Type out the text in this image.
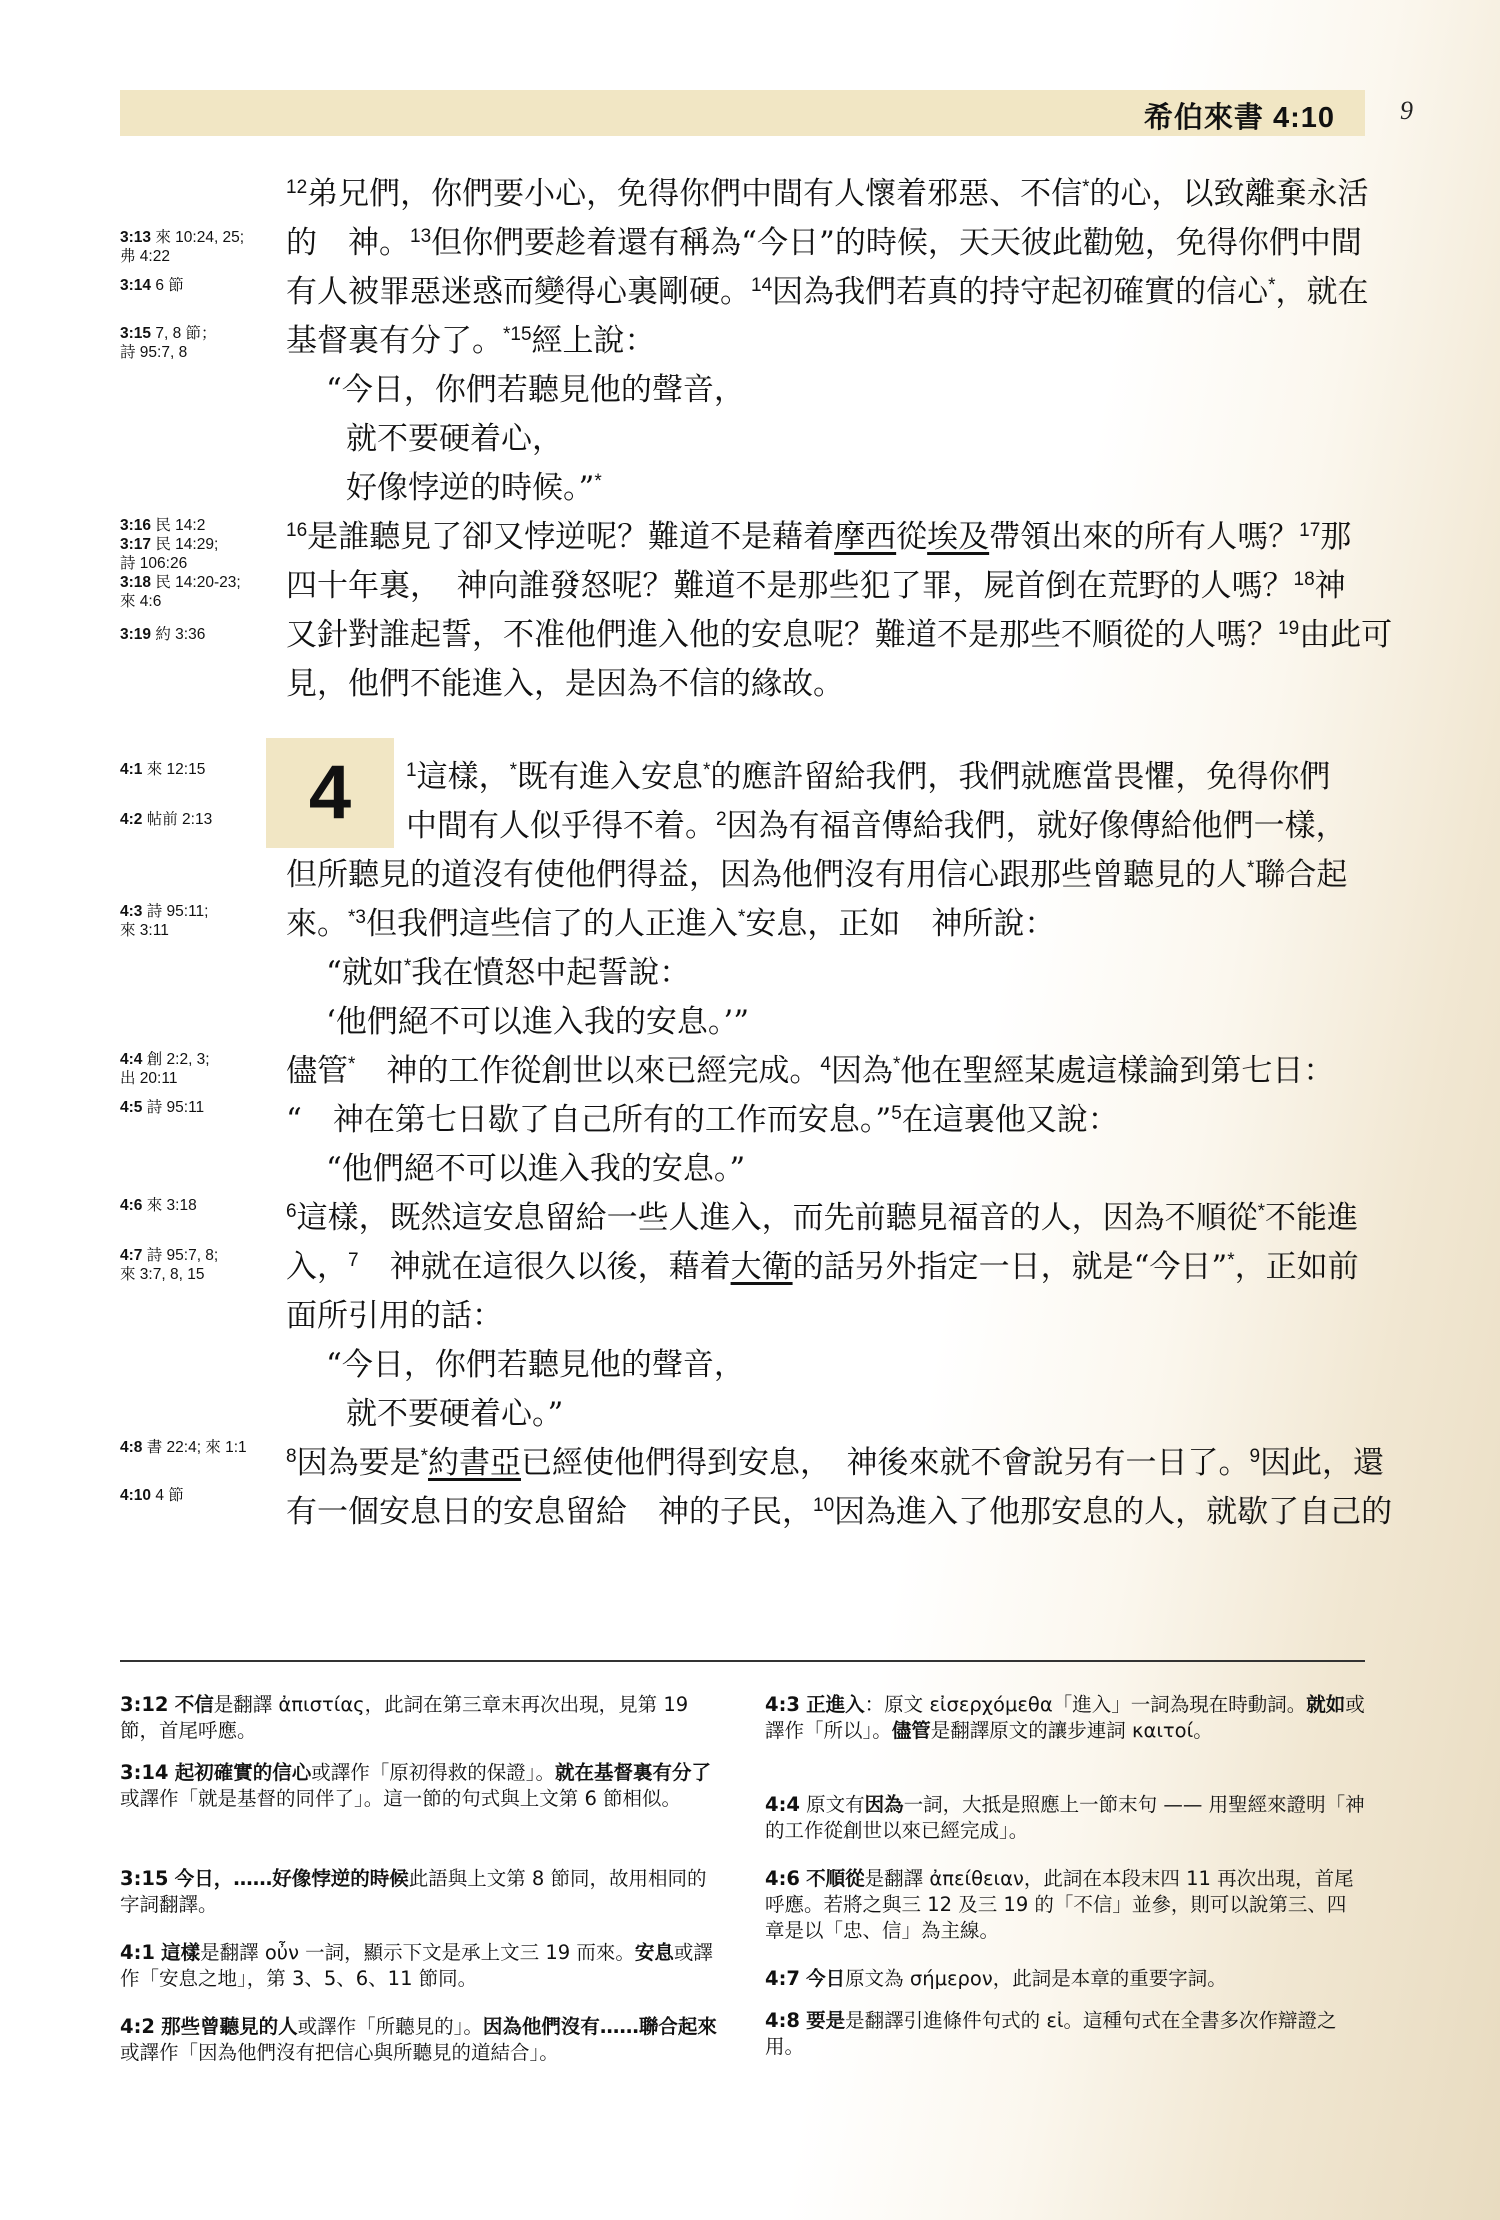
希伯來書 4:10	9
3:13 來 10:24, 25;
弗 4:22
3:14 6 節
3:15 7, 8 節；
詩 95:7, 8
3:16 民 14:2
3:17 民 14:29;
詩 106:26
3:18 民 14:20-23;
來 4:6
3:19 約 3:36
4:1 來 12:15
4:2 帖前 2:13
4:3 詩 95:11;
來 3:11
4:4 創 2:2, 3;
出 20:11
4:5 詩 95:11
4:6 來 3:18
4:7 詩 95:7, 8;
來 3:7, 8, 15
4:8 書 22:4; 來 1:1
4:10 4 節
$^{12}$弟兄們，你們要小心，免得你們中間有人懷着邪惡、不信*的心，以致離棄永活
的　神。$^{13}$但你們要趁着還有稱為“今日”的時候，天天彼此勸勉，免得你們中間
有人被罪惡迷惑而變得心裏剛硬。$^{14}$因為我們若真的持守起初確實的信心*，就在
基督裏有分了。$^{*15}$經上說：
“今日，你們若聽見他的聲音，
就不要硬着心，
好像悖逆的時候。”*
$^{16}$是誰聽見了卻又悖逆呢？難道不是藉着摩西從埃及帶領出來的所有人嗎？$^{17}$那
四十年裏，　神向誰發怒呢？難道不是那些犯了罪，屍首倒在荒野的人嗎？$^{18}$神
又針對誰起誓，不准他們進入他的安息呢？難道不是那些不順從的人嗎？$^{19}$由此可
見，他們不能進入，是因為不信的緣故。
4	$^1$這樣，*既有進入安息*的應許留給我們，我們就應當畏懼，免得你們
中間有人似乎得不着。$^2$因為有福音傳給我們，就好像傳給他們一樣，
但所聽見的道沒有使他們得益，因為他們沒有用信心跟那些曾聽見的人*聯合起
來。$^{*3}$但我們這些信了的人正進入*安息，正如　神所說：
“就如*我在憤怒中起誓說：
‘他們絕不可以進入我的安息。’”
儘管*　神的工作從創世以來已經完成。$^4$因為*他在聖經某處這樣論到第七日：
“　神在第七日歇了自己所有的工作而安息。”$^5$在這裏他又說：
“他們絕不可以進入我的安息。”
$^6$這樣，既然這安息留給一些人進入，而先前聽見福音的人，因為不順從*不能進
入，$^7$　神就在這很久以後，藉着大衛的話另外指定一日，就是“今日”*，正如前
面所引用的話：
“今日，你們若聽見他的聲音，
就不要硬着心。”
$^8$因為要是*約書亞已經使他們得到安息，　神後來就不會說另有一日了。$^9$因此，還
有一個安息日的安息留給　神的子民，$^{10}$因為進入了他那安息的人，就歇了自己的
3:12 不信是翻譯 ἀπιστίας，此詞在第三章末再次出現，見第 19 節，首尾呼應。
3:14 起初確實的信心或譯作「原初得救的保證」。就在基督裏有分了或譯作「就是基督的同伴了」。這一節的句式與上文第 6 節相似。
3:15 今日，……好像悖逆的時候此語與上文第 8 節同，故用相同的字詞翻譯。
4:1 這樣是翻譯 οὖν 一詞，顯示下文是承上文三 19 而來。安息或譯作「安息之地」，第 3、5、6、11 節同。
4:2 那些曾聽見的人或譯作「所聽見的」。因為他們沒有……聯合起來或譯作「因為他們沒有把信心與所聽見的道結合」。
4:3 正進入：原文 εἰσερχόμεθα「進入」一詞為現在時動詞。就如或譯作「所以」。儘管是翻譯原文的讓步連詞 καιτοί。
4:4 原文有因為一詞，大抵是照應上一節末句 —— 用聖經來證明「神的工作從創世以來已經完成」。
4:6 不順從是翻譯 ἀπείθειαν，此詞在本段末四 11 再次出現，首尾呼應。若將之與三 12 及三 19 的「不信」並參，則可以說第三、四章是以「忠、信」為主線。
4:7 今日原文為 σήμερον，此詞是本章的重要字詞。
4:8 要是是翻譯引進條件句式的 εἰ。這種句式在全書多次作辯證之用。
